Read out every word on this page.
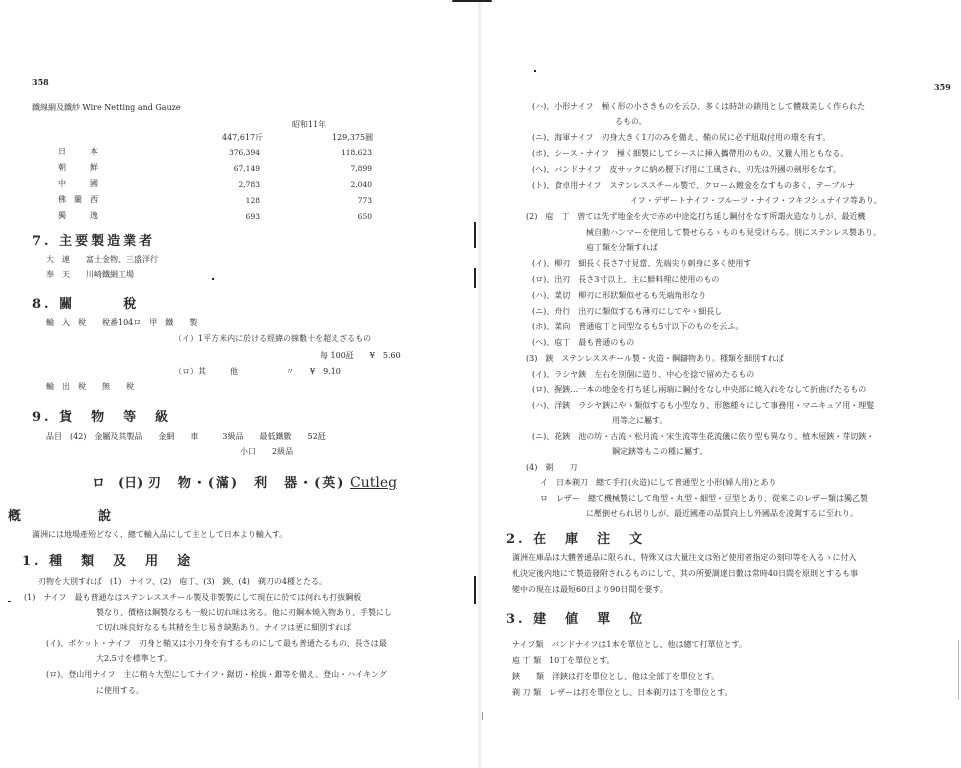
358
鐵線網及鐵紗 Wire Netting and Gauze
昭和11年
447,617斤	129,375圓
日　　　本	376,394	118,623
朝　　　鮮	67,149	7,899
中　　　國	2,783	2,040
佛　蘭　西	128	773
獨　　　逸	693	650
7. 主要製造業者
大　連　　富士金物、三盛洋行
奉　天　　川崎鐵網工場
8. 關　　　稅
輸　入　稅　　稅番104ロ　甲　鐵　　製
（イ）1平方米内に於ける經緯の線數十を超えざるもの
每 100瓩　　¥　5.60
（ロ）其　　　他　　　　　　〃　　¥　9.10
輸　出　稅　　無　　稅
9. 貨　物　等　級
品目　(42)　金屬及其製品　　金網　　車　　　3級品　　最低鐵數　　52瓩
小口　　2級品
ロ　(日) 刃　物・(滿)　利　器・(英) Cutleg
槪　　　　　說
滿洲には地場產殆どなく、總て輸入品にして主として日本より輸入す。
1. 種　類　及　用　途
刃物を大別すれば　(1)　ナイフ、(2)　庖丁、(3)　鋏、(4)　剃刀の4種とたる。
(1)　ナイフ　最も普通なはステンレススチール製及非製製にして現在に於ては何れも打拔鋼板
製なり、價格は鋼製なるも一般に切れ味は劣る。他に刃鋼本燒入物あり、手製にし
て切れ味良好なるも其精を生じ易き缺點あり。ナイフは更に細別すれば
(イ)、ポケット・ナイフ　刃身と鞘又は小刀身を有するものにして最も普通たるもの、長さは最
大2.5寸を標準とす。
(ロ)、登山用ナイフ　主に稍々大型にしてナイフ・鋸切・栓拔・錐等を備え、登山・ハイキング
に使用する。
359
(ハ)、小形ナイフ　極く形の小さきものを云ひ、多くは時計の鎖用として體裁美しく作られた
るもの。
(ニ)、海軍ナイフ　刃身大きく1刀のみを備え、鞘の尻に必ず紐取付用の環を有す。
(ホ)、シース・ナイフ　極く細製にしてシースに挿入攜帶用のもの、又獵人用ともなる。
(ヘ)、バンドナイフ　皮サックに納め腰下げ用に工風され、刃先は外國の劍形をなす。
(ト)、食卓用ナイフ　ステンレススチール製で、クローム鍍金をなすもの多く、テーブルナ
イフ・デザートナイフ・フルーツ・ナイフ・フキフシュナイフ等あり。
(2)　庖　丁　曾ては先ず地金を火で赤め中途迄打ち延し鋼付をなす所謂火造なりしが、最近機
械自動ハンマーを使用して製せらるゝものも見受けらる。別にステンレス製あり。
庖丁類を分類すれば
(イ)、柳刃　細長く長さ7寸見當、先端尖り刺身に多く使用す
(ロ)、出刃　長さ3寸以上、主に鮮料理に使用のもの
(ハ)、菜切　柳刃に形狀類似せるも先端角形なり
(ニ)、舟行　出刃に類似するも薄刃にしてやゝ細長し
(ホ)、菜向　普通庖丁と同型なるも5寸以下のものを云ふ。
(ヘ)、庖丁　最も普通のもの
(3)　鋏　ステンレススチール製・火造・鋼鑄物あり。種類を細別すれば
(イ)、ラシヤ鋏　左右を別個に造り、中心を捻で留めたるもの
(ロ)、握鋏…一本の地金を打ち延し兩端に鋼付をなし中央部に燒入れをなして折曲げたるもの
(ハ)、洋鋏　ラシヤ鋏にやゝ類似するも小型なり、形態種々にして事務用・マニキュア用・理髮
用等之に屬す。
(ニ)、花鋏　池の坊・古流・松月流・宋生流等生花流儀に依り型も異なり、植木屋鋏・芽切鋏・
鋼定鋏等もこの種に屬す。
(4)　剃　　刀
イ　日本剃刀　總て手打(火造)にして普通型と小形(婦人用)とあり
ロ　レザー　總て機械製にして角型・丸型・細型・豆型とあり、從來このレザー類は獨乙製
に壓倒せられ居りしが、最近國產の品質向上し外國品を凌駕するに至れり。
2. 在　庫　注　文
滿洲在庫品は大體普通品に限られ、特殊又は大量注文は殆ど使用者指定の刻印等を入るゝに付入
札決定後内地にて製造發附されるものにして、其の所要調達日數は常時40日間を原則とするも事
變中の現在は最短60日より90日間を要す。
3. 建　値　單　位
ナイフ類　バンドナイフは1本を單位とし、他は總て打單位とす。
庖 丁 類　10丁を單位とす。
鋏　　類　洋鋏は打を單位とし、他は全部丁を單位とす。
剃 刀 類　レザーは打を單位とし、日本剃刀は丁を單位とす。
